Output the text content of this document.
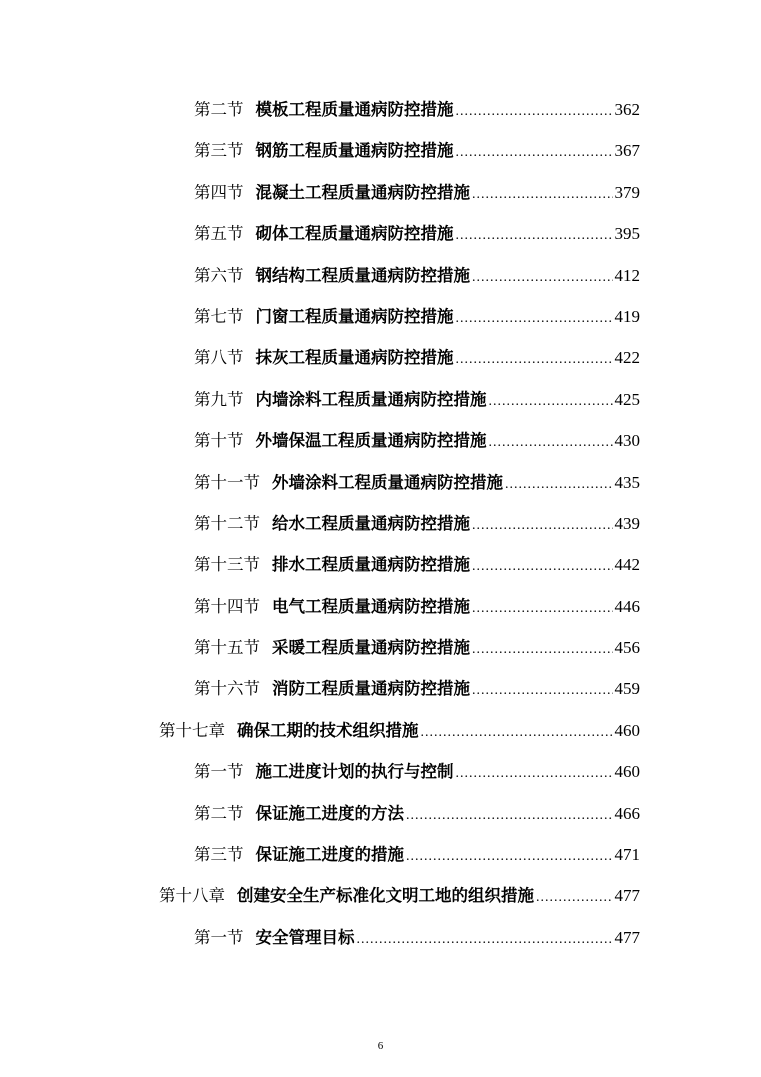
第二节 模板工程质量通病防控措施 .....	362
第三节 钢筋工程质量通病防控措施 .....	367
第四节 混凝土工程质量通病防控措施 .....	379
第五节 砌体工程质量通病防控措施 .....	395
第六节 钢结构工程质量通病防控措施 .....	412
第七节 门窗工程质量通病防控措施 .....	419
第八节 抹灰工程质量通病防控措施 .....	422
第九节 内墙涂料工程质量通病防控措施 .....	425
第十节 外墙保温工程质量通病防控措施 .....	430
第十一节 外墙涂料工程质量通病防控措施 .....	435
第十二节 给水工程质量通病防控措施 .....	439
第十三节 排水工程质量通病防控措施 .....	442
第十四节 电气工程质量通病防控措施 .....	446
第十五节 采暖工程质量通病防控措施 .....	456
第十六节 消防工程质量通病防控措施 .....	459
第十七章 确保工期的技术组织措施 .....	460
第一节 施工进度计划的执行与控制 .....	460
第二节 保证施工进度的方法 .....	466
第三节 保证施工进度的措施 .....	471
第十八章 创建安全生产标准化文明工地的组织措施 .....	477
第一节 安全管理目标 .....	477
6
